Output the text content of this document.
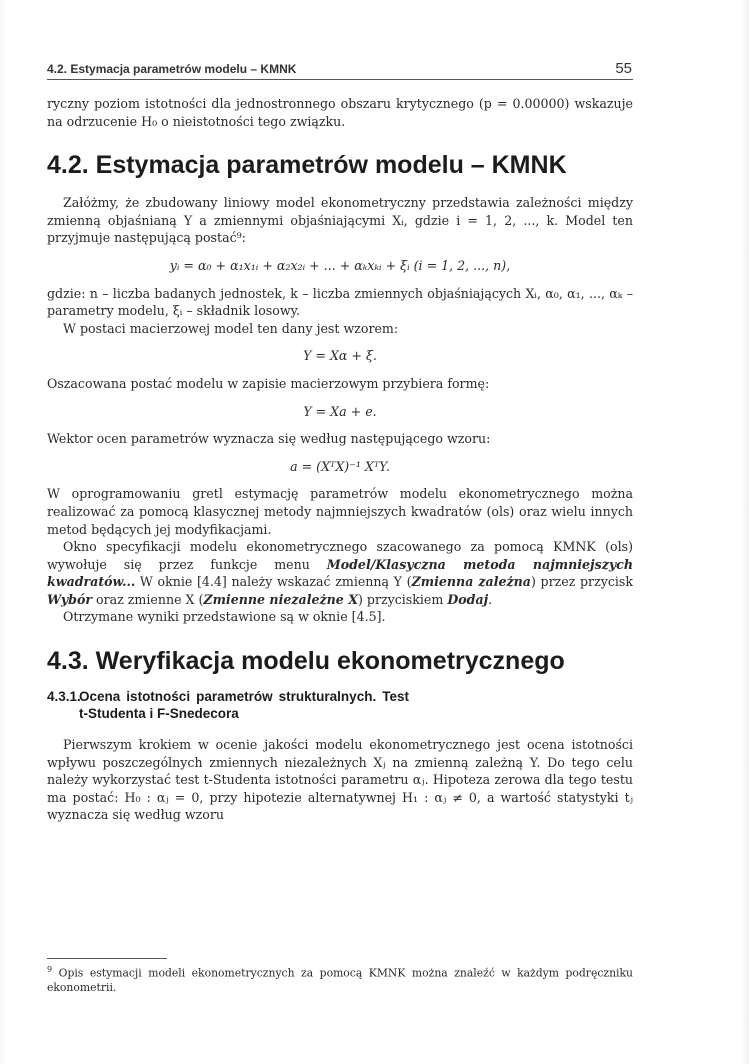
4.2. Estymacja parametrów modelu – KMNK	55

ryczny poziom istotności dla jednostronnego obszaru krytycznego (p = 0.00000) wskazuje na odrzucenie H₀ o nieistotności tego związku.

4.2. Estymacja parametrów modelu – KMNK

Załóżmy, że zbudowany liniowy model ekonometryczny przedstawia zależności między zmienną objaśnianą Y a zmiennymi objaśniającymi Xᵢ, gdzie i = 1, 2, ..., k. Model ten przyjmuje następującą postać⁹:

yᵢ = α₀ + α₁x₁ᵢ + α₂x₂ᵢ + ... + αₖxₖᵢ + ξᵢ (i = 1, 2, ..., n),

gdzie: n – liczba badanych jednostek, k – liczba zmiennych objaśniających Xᵢ, α₀, α₁, ..., αₖ – parametry modelu, ξᵢ – składnik losowy.

W postaci macierzowej model ten dany jest wzorem:

Y = Xα + ξ.

Oszacowana postać modelu w zapisie macierzowym przybiera formę:

Y = Xa + e.

Wektor ocen parametrów wyznacza się według następującego wzoru:

a = (XᵀX)⁻¹ XᵀY.

W oprogramowaniu gretl estymację parametrów modelu ekonometrycznego można realizować za pomocą klasycznej metody najmniejszych kwadratów (ols) oraz wielu innych metod będących jej modyfikacjami.

Okno specyfikacji modelu ekonometrycznego szacowanego za pomocą KMNK (ols) wywołuje się przez funkcje menu Model/Klasyczna metoda najmniejszych kwadratów... W oknie [4.4] należy wskazać zmienną Y (Zmienna zależna) przez przycisk Wybór oraz zmienne X (Zmienne niezależne X) przyciskiem Dodaj.

Otrzymane wyniki przedstawione są w oknie [4.5].

4.3. Weryfikacja modelu ekonometrycznego
4.3.1.
Ocena istotności parametrów strukturalnych. Test t-Studenta i F-Snedecora

Pierwszym krokiem w ocenie jakości modelu ekonometrycznego jest ocena istotności wpływu poszczególnych zmiennych niezależnych Xⱼ na zmienną zależną Y. Do tego celu należy wykorzystać test t-Studenta istotności parametru αⱼ. Hipoteza zerowa dla tego testu ma postać: H₀ : αⱼ = 0, przy hipotezie alternatywnej H₁ : αⱼ ≠ 0, a wartość statystyki tⱼ wyznacza się według wzoru

$^9$ Opis estymacji modeli ekonometrycznych za pomocą KMNK można znaleźć w każdym podręczniku ekonometrii.
